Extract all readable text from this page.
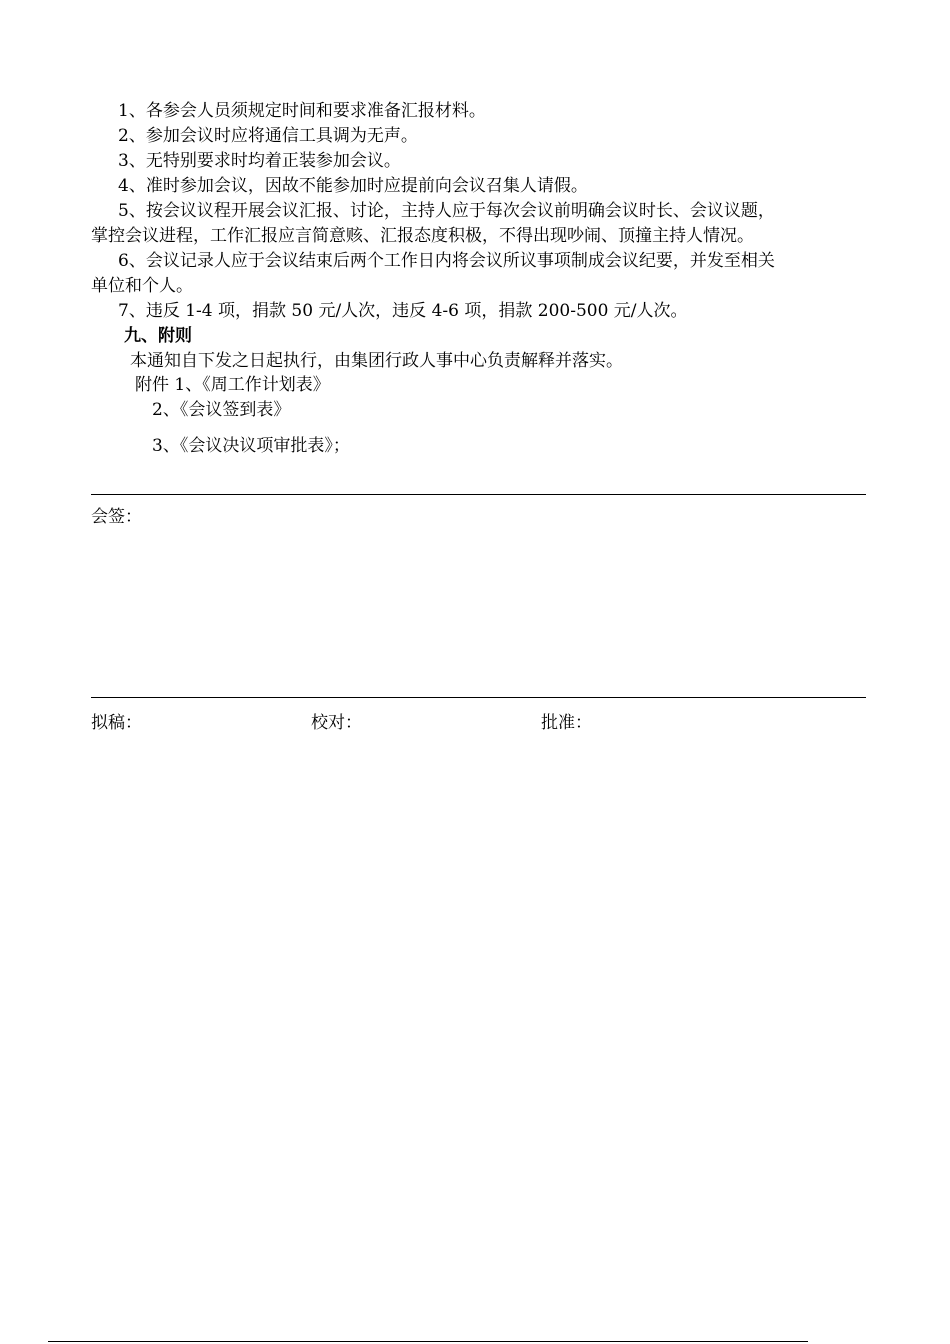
1、各参会人员须规定时间和要求准备汇报材料。
2、参加会议时应将通信工具调为无声。
3、无特别要求时均着正装参加会议。
4、准时参加会议，因故不能参加时应提前向会议召集人请假。
5、按会议议程开展会议汇报、讨论，主持人应于每次会议前明确会议时长、会议议题，
掌控会议进程，工作汇报应言简意赅、汇报态度积极，不得出现吵闹、顶撞主持人情况。
6、会议记录人应于会议结束后两个工作日内将会议所议事项制成会议纪要，并发至相关
单位和个人。
7、违反 1-4 项，捐款 50 元/人次，违反 4-6 项，捐款 200-500 元/人次。
九、附则
本通知自下发之日起执行，由集团行政人事中心负责解释并落实。
附件 1、《周工作计划表》
2、《会议签到表》
3、《会议决议项审批表》；
会签：
拟稿：	校对：	批准：
